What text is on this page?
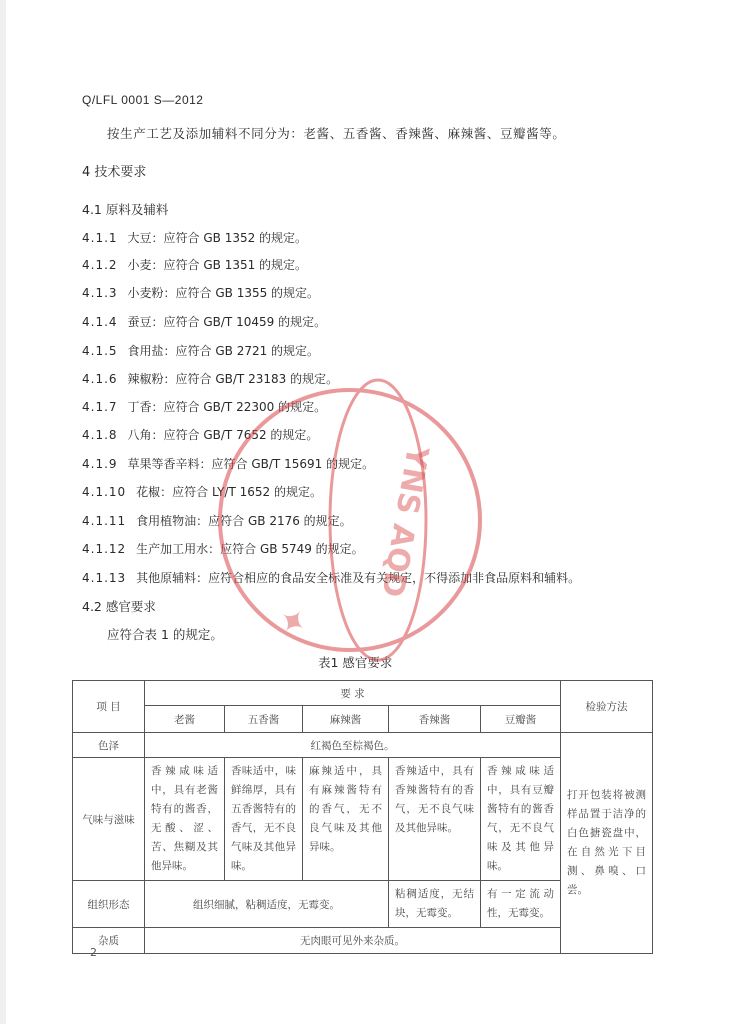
Q/LFL 0001 S—2012
按生产工艺及添加辅料不同分为：老酱、五香酱、香辣酱、麻辣酱、豆瓣酱等。
4 技术要求
4.1 原料及辅料
4.1.1 大豆：应符合 GB 1352 的规定。
4.1.2 小麦：应符合 GB 1351 的规定。
4.1.3 小麦粉：应符合 GB 1355 的规定。
4.1.4 蚕豆：应符合 GB/T 10459 的规定。
4.1.5 食用盐：应符合 GB 2721 的规定。
4.1.6 辣椒粉：应符合 GB/T 23183 的规定。
4.1.7 丁香：应符合 GB/T 22300 的规定。
4.1.8 八角：应符合 GB/T 7652 的规定。
4.1.9 草果等香辛料：应符合 GB/T 15691 的规定。
4.1.10 花椒：应符合 LY/T 1652 的规定。
4.1.11 食用植物油：应符合 GB 2176 的规定。
4.1.12 生产加工用水：应符合 GB 5749 的规定。
4.1.13 其他原辅料：应符合相应的食品安全标准及有关规定，不得添加非食品原料和辅料。
4.2 感官要求
应符合表 1 的规定。
表1 感官要求
项 目	要 求					检验方法
	老酱	五香酱	麻辣酱	香辣酱	豆瓣酱	
色泽	红褐色至棕褐色。					打开包装将被测样品置于洁净的白色搪瓷盘中，在自然光下目测、鼻嗅、口尝。
气味与滋味	香辣咸味适中，具有老酱特有的酱香，无酸、涩、苦、焦糊及其他异味。	香味适中，味鲜绵厚，具有五香酱特有的香气，无不良气味及其他异味。	麻辣适中，具有麻辣酱特有的香气，无不良气味及其他异味。	香辣适中，具有香辣酱特有的香气，无不良气味及其他异味。	香辣咸味适中，具有豆瓣酱特有的酱香气，无不良气味及其他异味。	
组织形态	组织细腻，粘稠适度，无霉变。			粘稠适度，无结块，无霉变。	有一定流动性，无霉变。	
杂质	无肉眼可见外来杂质。					
2
YNS AQD
✦
